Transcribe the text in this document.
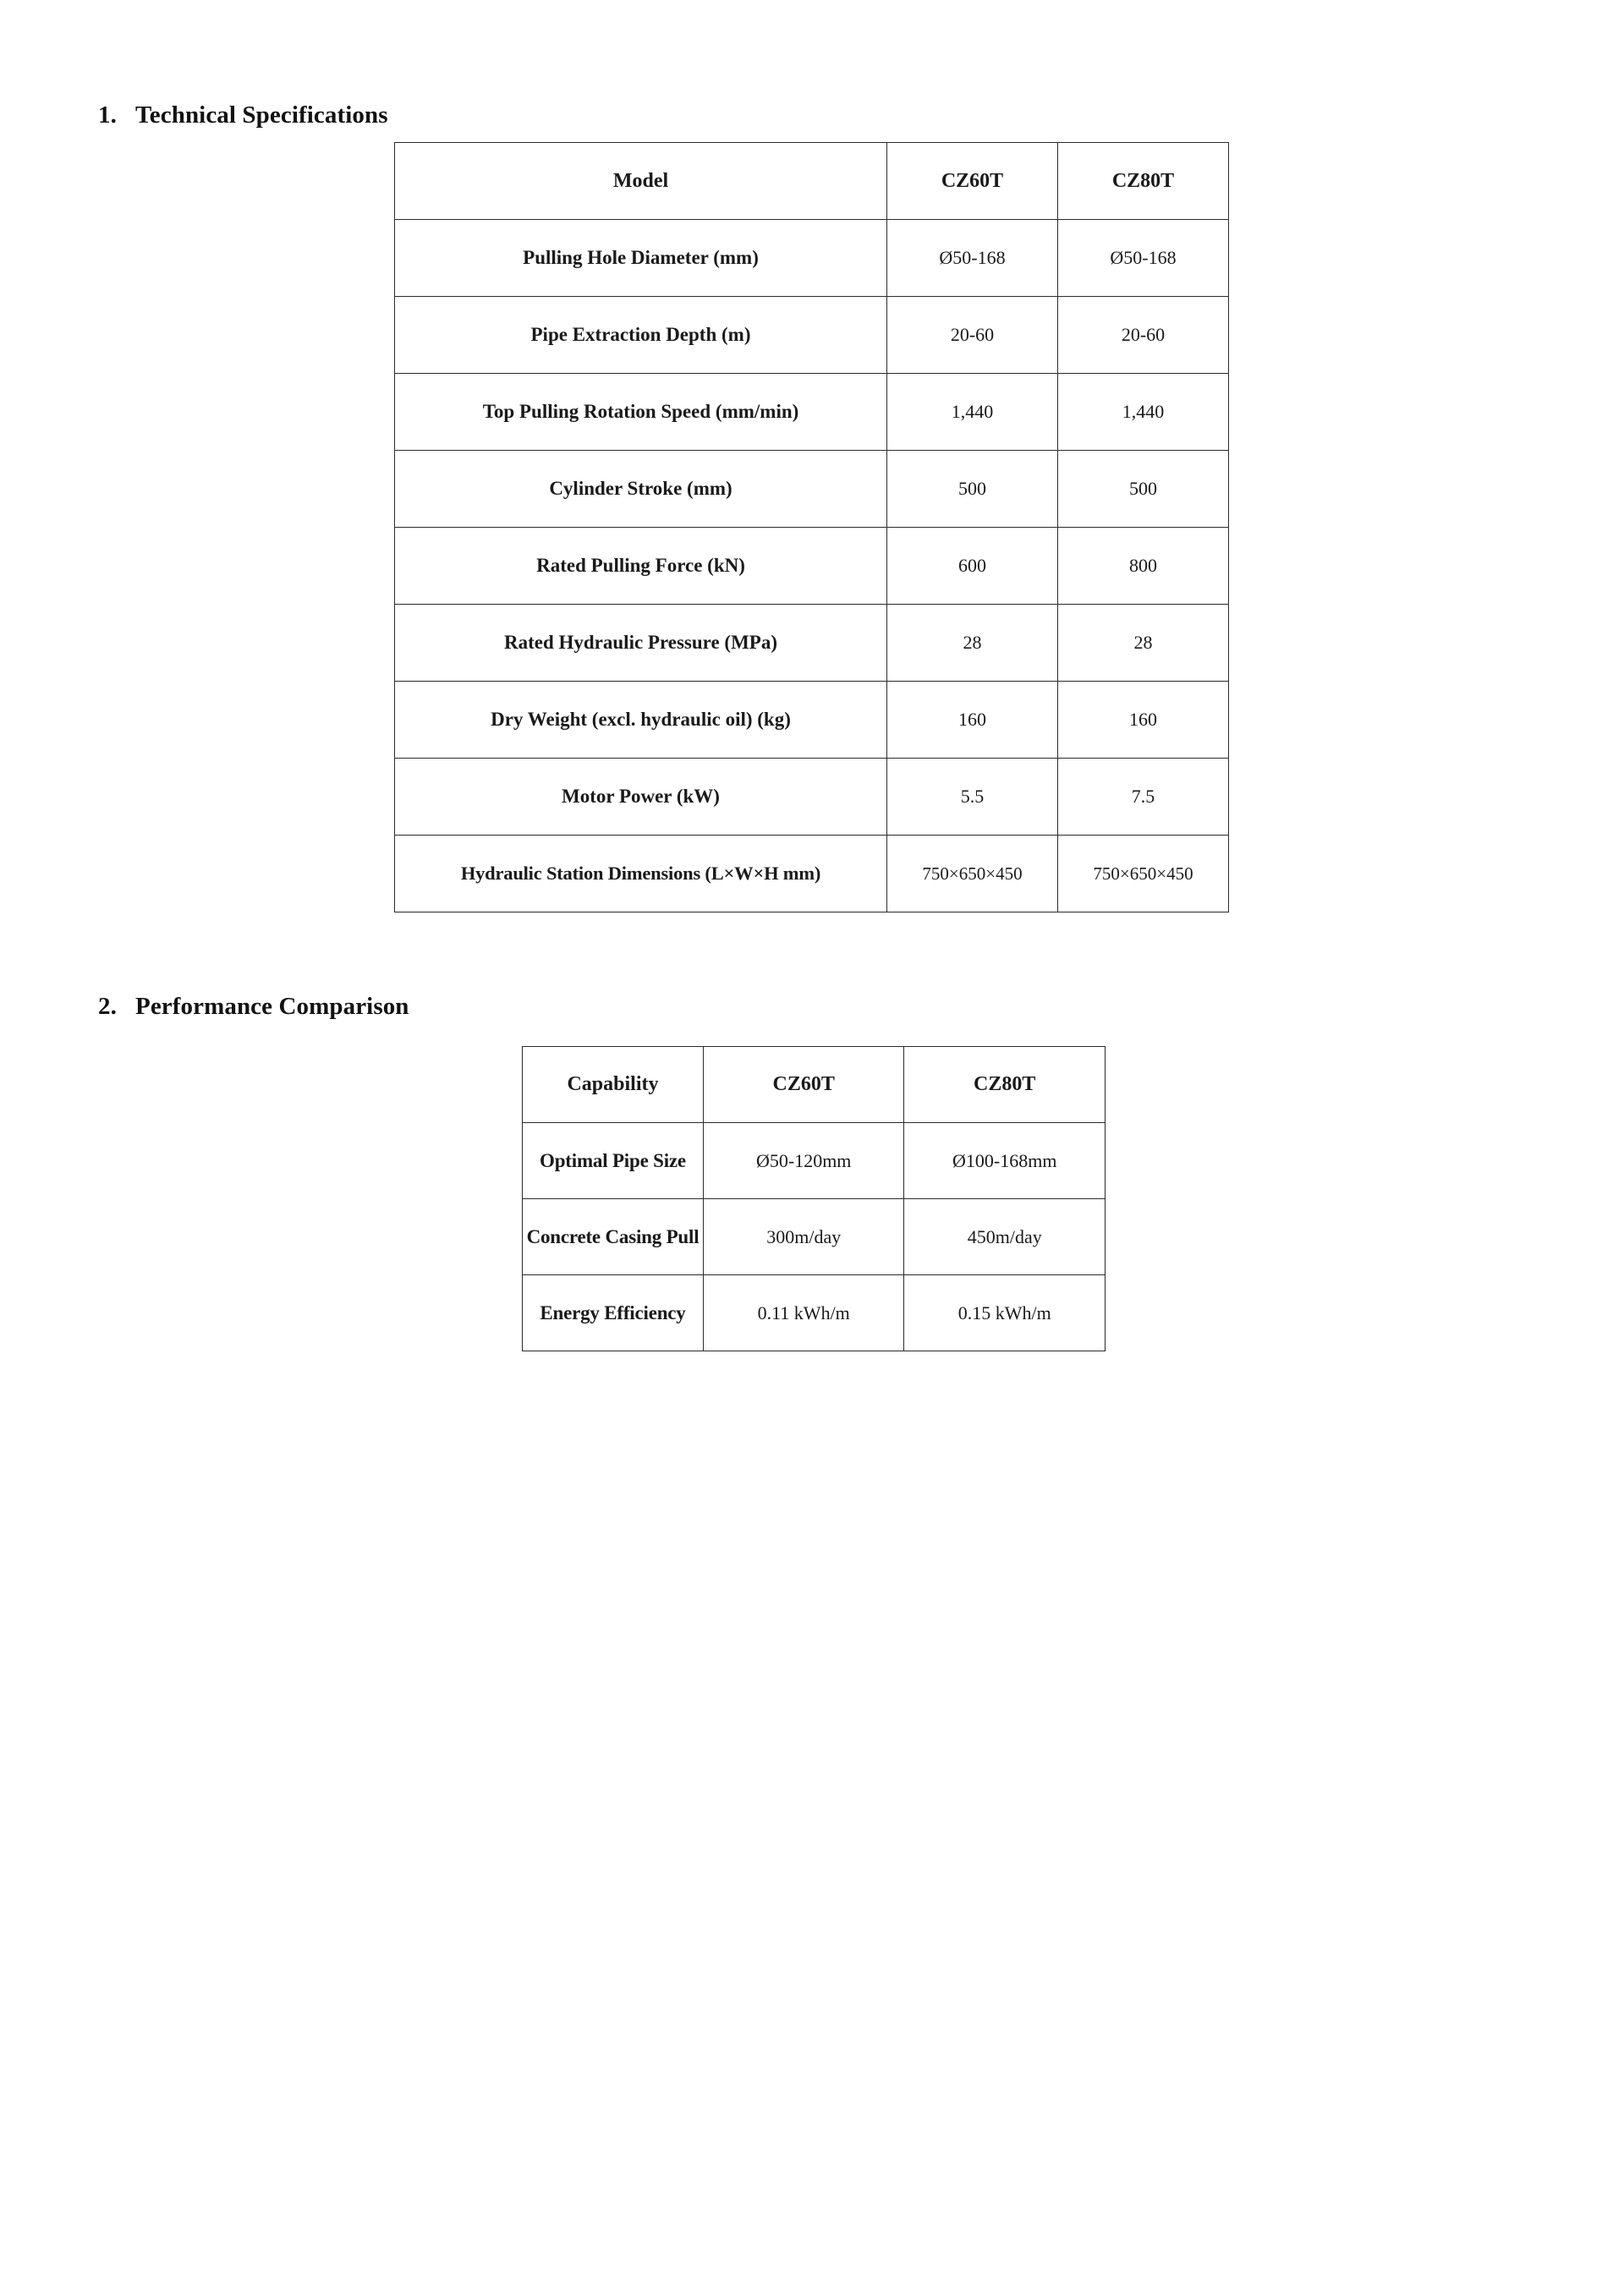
1. Technical Specifications
Model	CZ60T	CZ80T
Pulling Hole Diameter (mm)	Ø50-168	Ø50-168
Pipe Extraction Depth (m)	20-60	20-60
Top Pulling Rotation Speed (mm/min)	1,440	1,440
Cylinder Stroke (mm)	500	500
Rated Pulling Force (kN)	600	800
Rated Hydraulic Pressure (MPa)	28	28
Dry Weight (excl. hydraulic oil) (kg)	160	160
Motor Power (kW)	5.5	7.5
Hydraulic Station Dimensions (L×W×H mm)	750×650×450	750×650×450
2. Performance Comparison
Capability	CZ60T	CZ80T
Optimal Pipe Size	Ø50-120mm	Ø100-168mm
Concrete Casing Pull	300m/day	450m/day
Energy Efficiency	0.11 kWh/m	0.15 kWh/m
